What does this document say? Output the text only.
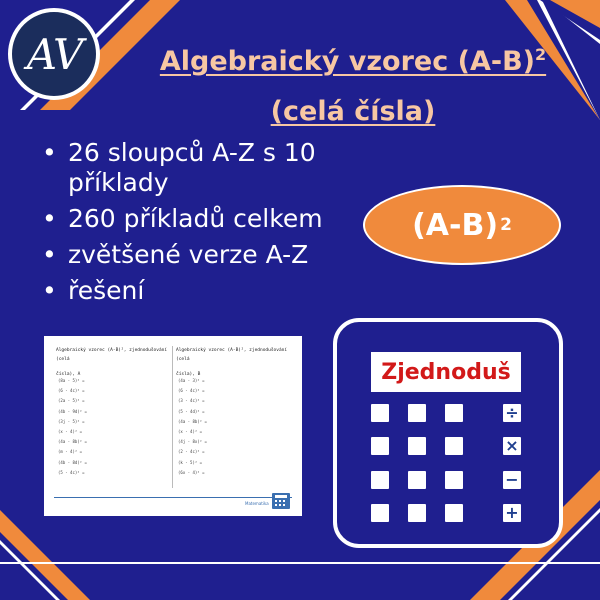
AV	Algebraický vzorec $(A-B)^2$
(celá čísla)
• 26 sloupců A-Z s 10 příklady
• 260 příkladů celkem
• zvětšené verze A-Z
• řešení
(A-B) 2
Algebraický vzorec (A-B)², zjednodušování (celá
čísla), A
Algebraický vzorec (A-B)², zjednodušování (celá
čísla), B
(8a - 5)² =
(6 - 4c)² =
(2a - 5)² =
(4b - 9d)² =
(3j - 5)² =
(x - 4)² =
(4a - 8b)² =
(m - 4)² =
(4b - 8d)² =
(5 - 4c)² =
(4a - 3)² =
(6 - 4c)² =
(3 - 4c)² =
(5 - 4d)² =
(4a - 8b)² =
(x - 4)² =
(4j - 8x)² =
(2 - 4c)² =
(k - 5)² =
(6x - 4)² =
Matematika
Zjednoduš
÷
×
−
+
